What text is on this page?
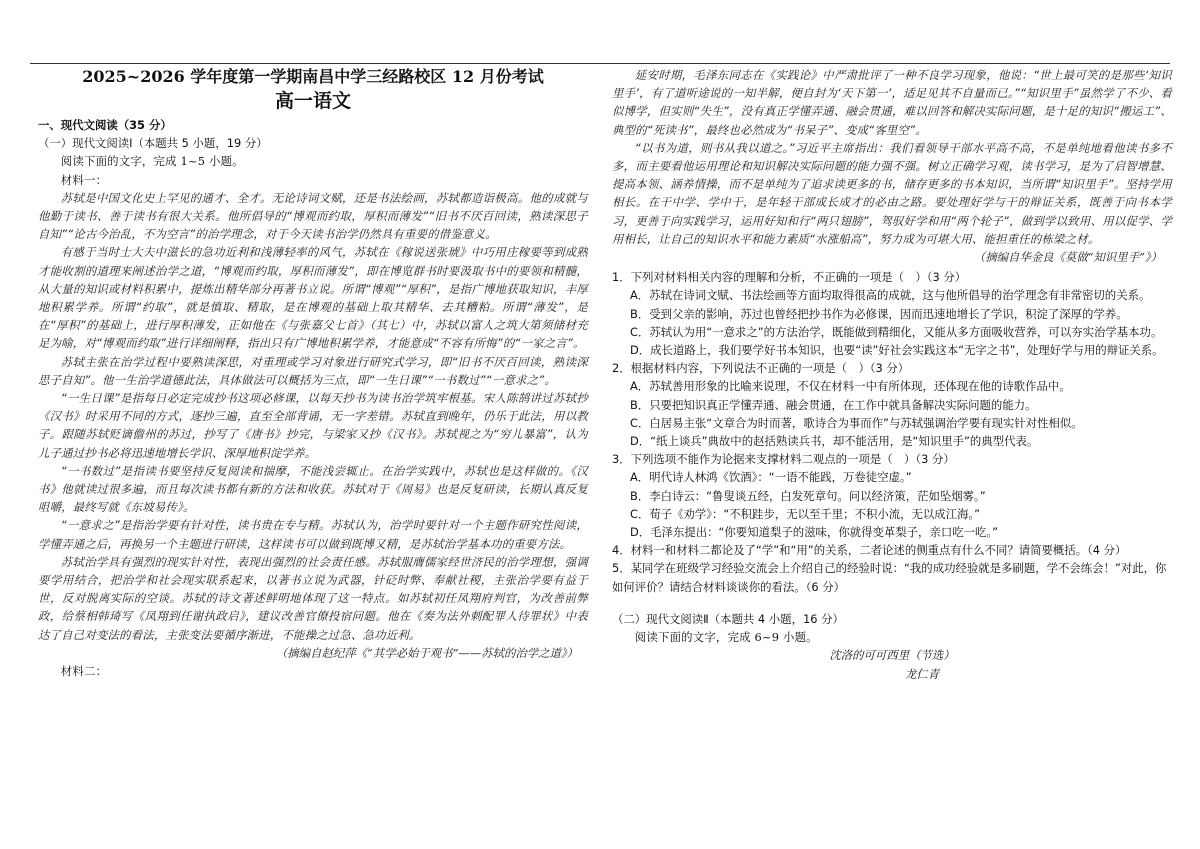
2025~2026 学年度第一学期南昌中学三经路校区 12 月份考试
高一语文

一、现代文阅读（35 分）

（一）现代文阅读Ⅰ（本题共 5 小题，19 分）

阅读下面的文字，完成 1~5 小题。

材料一：

苏轼是中国文化史上罕见的通才、全才。无论诗词文赋，还是书法绘画，苏轼都造诣极高。他的成就与他勤于读书、善于读书有很大关系。他所倡导的“博观而约取，厚积而薄发”“旧书不厌百回读，熟读深思子自知”“论古今治乱，不为空言”的治学理念，对于今天读书治学仍然具有重要的借鉴意义。

有感于当时士大夫中滋长的急功近利和浅薄轻率的风气，苏轼在《稼说送张琥》中巧用庄稼要等到成熟才能收割的道理来阐述治学之道，“博观而约取，厚积而薄发”，即在博览群书时要汲取书中的要领和精髓，从大量的知识或材料积累中，提炼出精华部分再著书立说。所谓“博观”“厚积”，是指广博地获取知识，丰厚地积累学养。所谓“约取”，就是慎取、精取，是在博观的基础上取其精华、去其糟粕。所谓“薄发”，是在“厚积”的基础上，进行厚积薄发，正如他在《与张嘉父七首》（其七）中，苏轼以富人之筑大第须储材充足为喻，对“博观而约取”进行详细阐释，指出只有广博地积累学养，才能意成“不容有所悔”的“一家之言”。

苏轼主张在治学过程中要熟读深思，对重理或学习对象进行研究式学习，即“旧书不厌百回读，熟读深思子自知”。他一生治学道德此法，具体做法可以概括为三点，即“一生日课”“一书数过”“一意求之”。

“一生日课”是指每日必定完成抄书这项必修课，以每天抄书为读书治学筑牢根基。宋人陈鹄讲过苏轼抄《汉书》时采用不同的方式，逐抄三遍，直至全部背诵，无一字差错。苏轼直到晚年，仍乐于此法，用以教子。跟随苏轼贬谪儋州的苏过，抄写了《唐书》抄完，与梁家又抄《汉书》。苏轼视之为“穷儿暴富”，认为儿子通过抄书必将迅速地增长学识、深厚地积淀学养。

“一书数过”是指读书要坚持反复阅读和揣摩，不能浅尝辄止。在治学实践中，苏轼也是这样做的。《汉书》他就读过很多遍，而且每次读书都有新的方法和收获。苏轼对于《周易》也是反复研读，长期认真反复咀嚼，最终写就《东坡易传》。

“一意求之”是指治学要有针对性，读书贵在专与精。苏轼认为，治学时要针对一个主题作研究性阅读，学懂弄通之后，再换另一个主题进行研读，这样读书可以做到既博又精，是苏轼治学基本功的重要方法。

苏轼治学具有强烈的现实针对性，表现出强烈的社会责任感。苏轼服膺儒家经世济民的治学理想，强调要学用结合，把治学和社会现实联系起来，以著书立说为武器，针砭时弊、奉献社稷，主张治学要有益于世，反对脱离实际的空谈。苏轼的诗文著述鲜明地体现了这一特点。如苏轼初任凤翔府判官，为改善前弊政，给蔡相韩琦写《凤翔到任谢执政启》，建议改善官僚投宿问题。他在《奏为法外刺配罪人待罪状》中表达了自己对变法的看法，主张变法要循序渐进，不能操之过急、急功近利。

（摘编自赵纪萍《“其学必始于观书”——苏轼的治学之道》）

材料二：

延安时期，毛泽东同志在《实践论》中严肃批评了一种不良学习现象，他说：“世上最可笑的是那些‘知识里手’，有了道听途说的一知半解，便自封为‘天下第一’，适足见其不自量而已。”“知识里手”虽然学了不少、看似博学，但实则“失生”，没有真正学懂弄通、融会贯通，难以回答和解决实际问题，是十足的知识“搬运工”、典型的“死读书”，最终也必然成为“书呆子”、变成“客里空”。

“以书为道，则书从我以道之。”习近平主席指出：我们看领导干部水平高不高，不是单纯地看他读书多不多，而主要看他运用理论和知识解决实际问题的能力强不强。树立正确学习观，读书学习，是为了启智增慧、提高本领、涵养情操，而不是单纯为了追求读更多的书，储存更多的书本知识，当所谓“知识里手”。坚持学用相长。在干中学、学中干，是年轻干部成长成才的必由之路。要处理好学与干的辩证关系，既善于向书本学习，更善于向实践学习，运用好知和行“两只翅膀”，驾驭好学和用“两个轮子”，做到学以致用、用以促学、学用相长，让自己的知识水平和能力素质“水涨船高”，努力成为可堪大用、能担重任的栋梁之材。

（摘编自华金良《莫做“知识里手”》）

1．下列对材料相关内容的理解和分析，不正确的一项是（　）（3 分）
A．苏轼在诗词文赋、书法绘画等方面均取得很高的成就，这与他所倡导的治学理念有非常密切的关系。
B．受到父亲的影响，苏过也曾经把抄书作为必修课，因而迅速地增长了学识，积淀了深厚的学养。
C．苏轼认为用“一意求之”的方法治学，既能做到精细化，又能从多方面吸收营养，可以夯实治学基本功。
D．成长道路上，我们要学好书本知识，也要“读”好社会实践这本“无字之书”，处理好学与用的辩证关系。
2．根据材料内容，下列说法不正确的一项是（　）（3 分）
A．苏轼善用形象的比喻来说理，不仅在材料一中有所体现，还体现在他的诗歌作品中。
B．只要把知识真正学懂弄通、融会贯通，在工作中就具备解决实际问题的能力。
C．白居易主张“文章合为时而著，歌诗合为事而作”与苏轼强调治学要有现实针对性相似。
D．“纸上谈兵”典故中的赵括熟读兵书，却不能活用，是“知识里手”的典型代表。
3．下列选项不能作为论据来支撑材料二观点的一项是（　）（3 分）
A．明代诗人林鸿《饮酒》：“一语不能践，万卷徒空虚。”
B．李白诗云：“鲁叟谈五经，白发死章句。问以经济策，茫如坠烟雾。”
C．荀子《劝学》：“不积跬步，无以至千里；不积小流，无以成江海。”
D．毛泽东提出：“你要知道梨子的滋味，你就得变革梨子，亲口吃一吃。”
4．材料一和材料二都论及了“学”和“用”的关系，二者论述的侧重点有什么不同？请简要概括。（4 分）
5．某同学在班级学习经验交流会上介绍自己的经验时说：“我的成功经验就是多刷题，学不会练会！”对此，你如何评价？请结合材料谈谈你的看法。（6 分）

（二）现代文阅读Ⅱ（本题共 4 小题，16 分）

阅读下面的文字，完成 6~9 小题。

沈洛的可可西里（节选）

龙仁青
